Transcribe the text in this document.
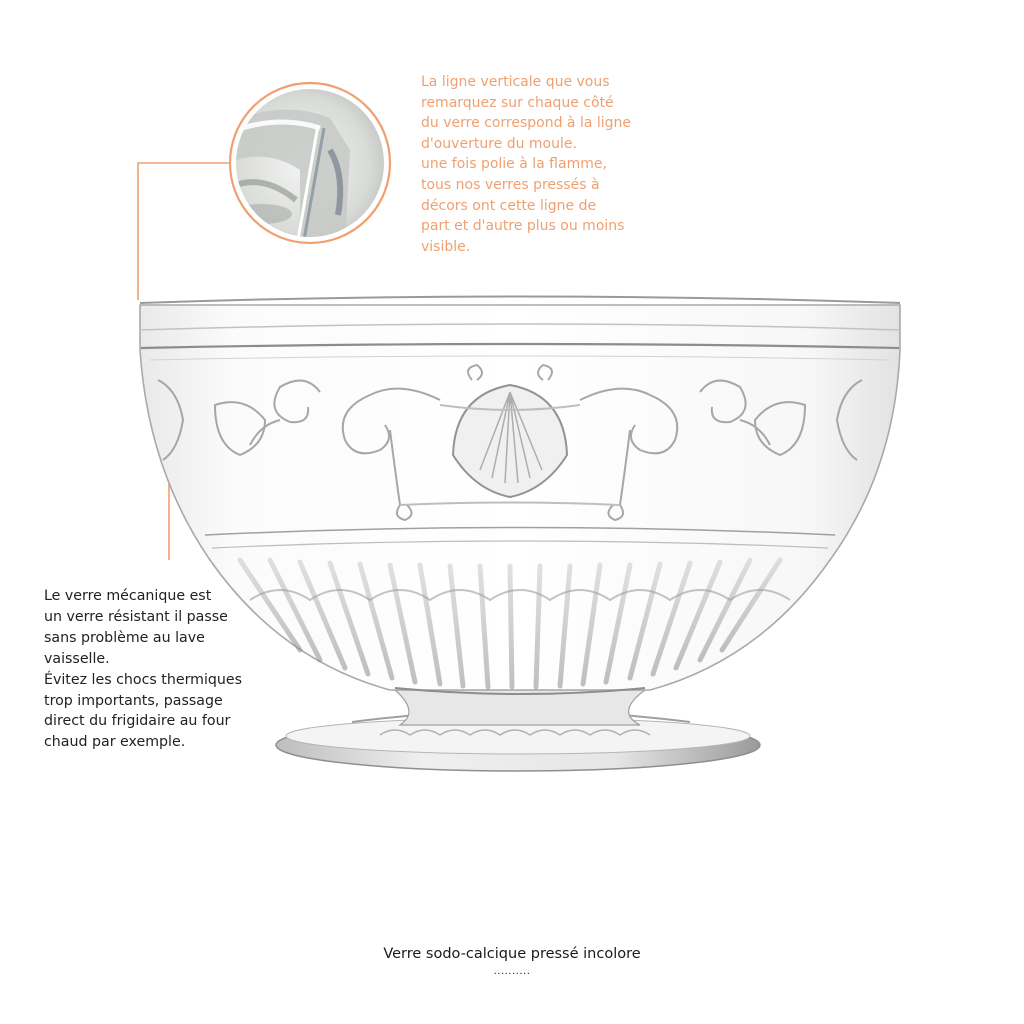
La ligne verticale que vous
remarquez sur chaque côté
du verre correspond à la ligne
d'ouverture du moule.
une fois polie à la flamme,
tous nos verres pressés à
décors ont cette ligne de
part et d'autre plus ou moins
visible.
Le verre mécanique est
un verre résistant il passe
sans problème au lave
vaisselle.
Évitez les chocs thermiques
trop importants, passage
direct du frigidaire au four
chaud par exemple.
Verre sodo-calcique pressé incolore
..........
